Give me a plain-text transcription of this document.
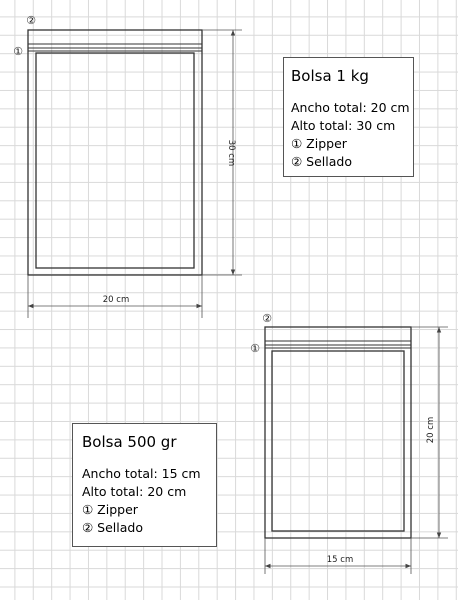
②
①
30 cm
20 cm
②
①
20 cm
15 cm
Bolsa 1 kg
Ancho total: 20 cm
Alto total: 30 cm
① Zipper
② Sellado
Bolsa 500 gr
Ancho total: 15 cm
Alto total: 20 cm
① Zipper
② Sellado
